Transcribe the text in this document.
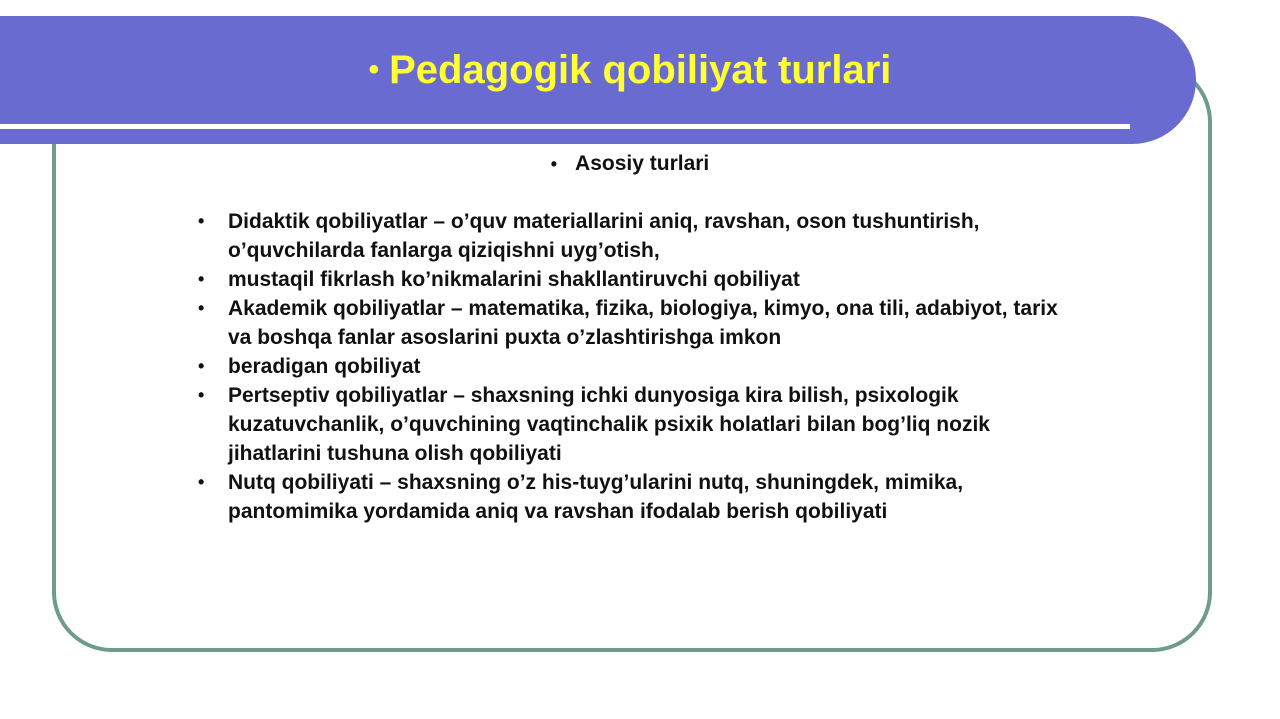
• Pedagogik qobiliyat turlari
• Asosiy turlari
• Didaktik qobiliyatlar – o’quv materiallarini aniq, ravshan, oson tushuntirish, o’quvchilarda fanlarga qiziqishni uyg’otish,
• mustaqil fikrlash ko’nikmalarini shakllantiruvchi qobiliyat
• Akademik qobiliyatlar – matematika, fizika, biologiya, kimyo, ona tili, adabiyot, tarix va boshqa fanlar asoslarini puxta o’zlashtirishga imkon
• beradigan qobiliyat
• Pertseptiv qobiliyatlar – shaxsning ichki dunyosiga kira bilish, psixologik kuzatuvchanlik, o’quvchining vaqtinchalik psixik holatlari bilan bog’liq nozik jihatlarini tushuna olish qobiliyati
• Nutq qobiliyati – shaxsning o’z his-tuyg’ularini nutq, shuningdek, mimika, pantomimika yordamida aniq va ravshan ifodalab berish qobiliyati
